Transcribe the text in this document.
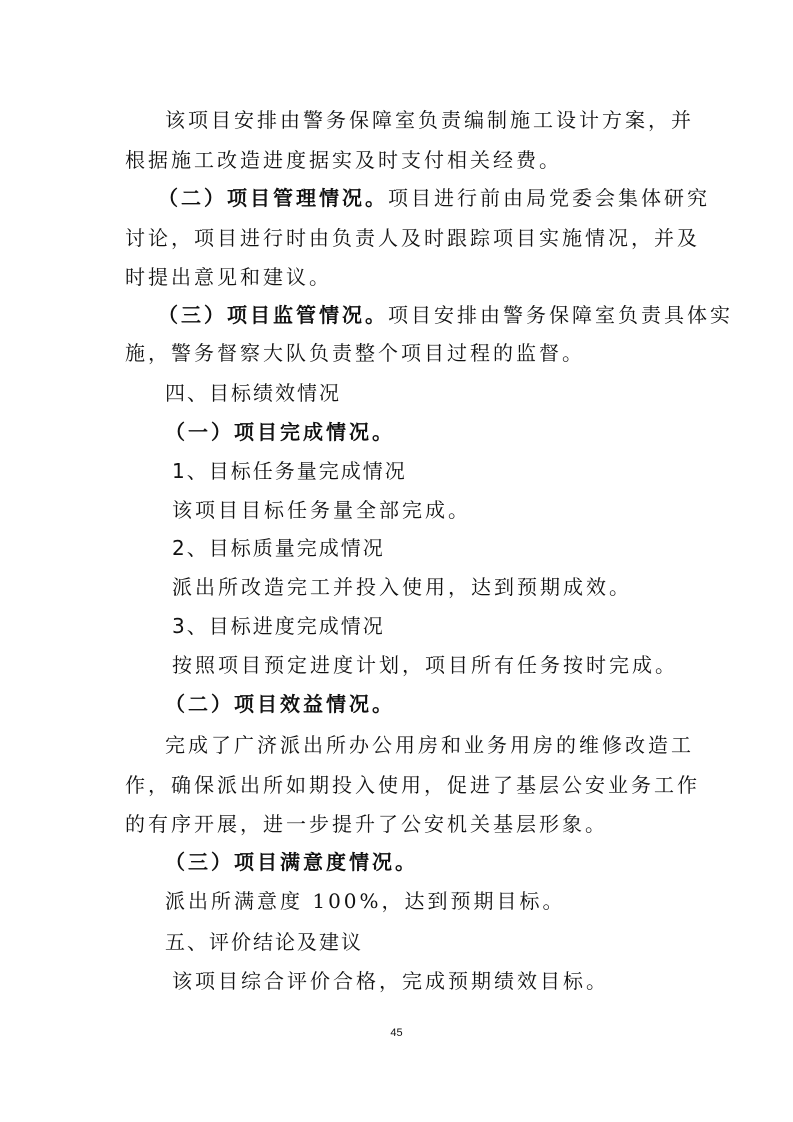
该项目安排由警务保障室负责编制施工设计方案，并
根据施工改造进度据实及时支付相关经费。
（二）项目管理情况。项目进行前由局党委会集体研究
讨论，项目进行时由负责人及时跟踪项目实施情况，并及
时提出意见和建议。
（三）项目监管情况。项目安排由警务保障室负责具体实
施，警务督察大队负责整个项目过程的监督。
四、目标绩效情况
（一）项目完成情况。
1、目标任务量完成情况
该项目目标任务量全部完成。
2、目标质量完成情况
派出所改造完工并投入使用，达到预期成效。
3、目标进度完成情况
按照项目预定进度计划，项目所有任务按时完成。
（二）项目效益情况。
完成了广济派出所办公用房和业务用房的维修改造工
作，确保派出所如期投入使用，促进了基层公安业务工作
的有序开展，进一步提升了公安机关基层形象。
（三）项目满意度情况。
派出所满意度 100%，达到预期目标。
五、评价结论及建议
该项目综合评价合格，完成预期绩效目标。
45
